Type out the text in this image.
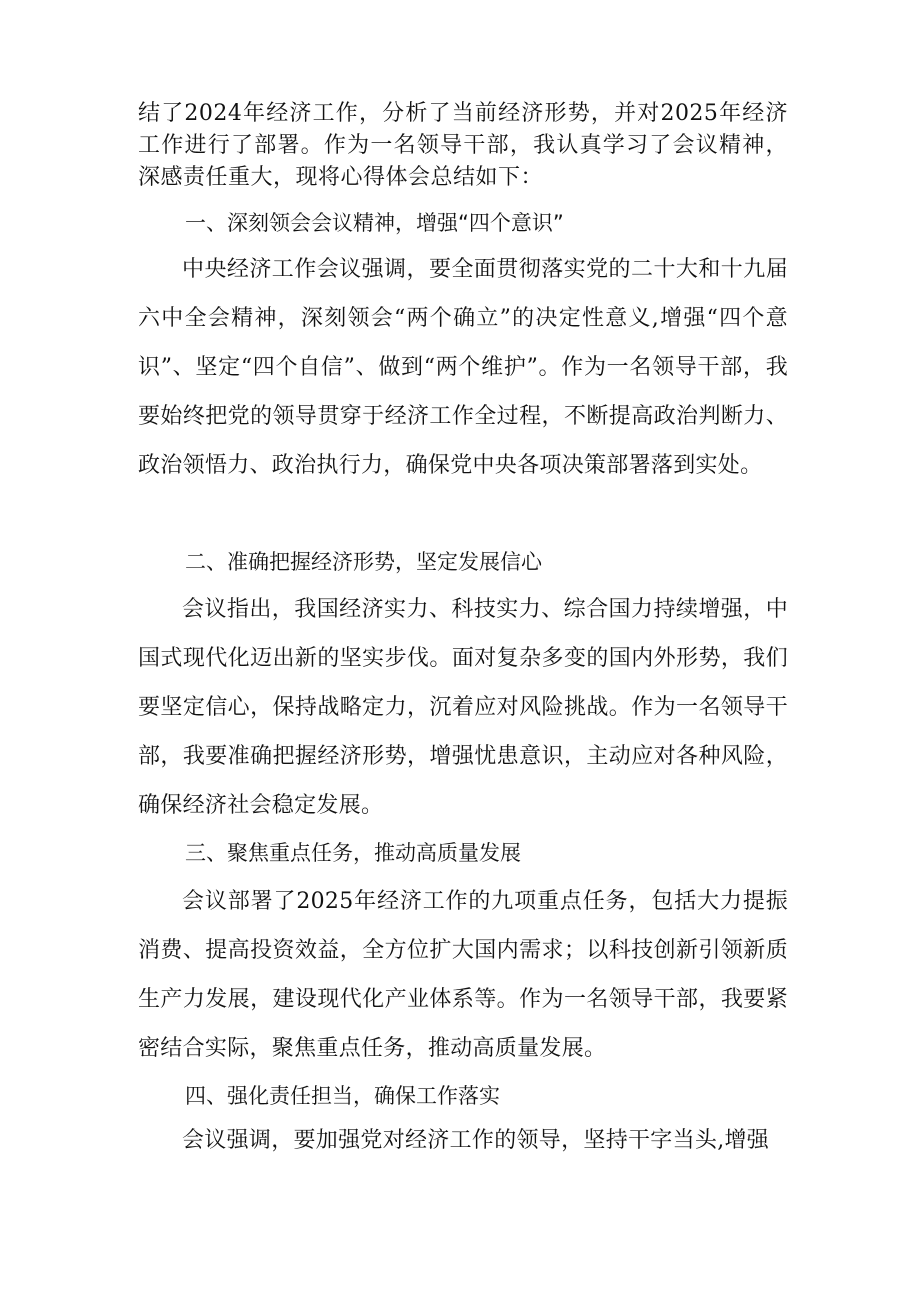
结了2024年经济工作，分析了当前经济形势，并对2025年经济工作进行了部署。作为一名领导干部，我认真学习了会议精神，深感责任重大，现将心得体会总结如下：

一、深刻领会会议精神，增强“四个意识”

中央经济工作会议强调，要全面贯彻落实党的二十大和十九届六中全会精神，深刻领会“两个确立”的决定性意义,增强“四个意识”、坚定“四个自信”、做到“两个维护”。作为一名领导干部，我要始终把党的领导贯穿于经济工作全过程，不断提高政治判断力、政治领悟力、政治执行力，确保党中央各项决策部署落到实处。

二、准确把握经济形势，坚定发展信心

会议指出，我国经济实力、科技实力、综合国力持续增强，中国式现代化迈出新的坚实步伐。面对复杂多变的国内外形势，我们要坚定信心，保持战略定力，沉着应对风险挑战。作为一名领导干部，我要准确把握经济形势，增强忧患意识，主动应对各种风险，确保经济社会稳定发展。

三、聚焦重点任务，推动高质量发展

会议部署了2025年经济工作的九项重点任务，包括大力提振消费、提高投资效益，全方位扩大国内需求；以科技创新引领新质生产力发展，建设现代化产业体系等。作为一名领导干部，我要紧密结合实际，聚焦重点任务，推动高质量发展。

四、强化责任担当，确保工作落实

会议强调，要加强党对经济工作的领导，坚持干字当头,增强
